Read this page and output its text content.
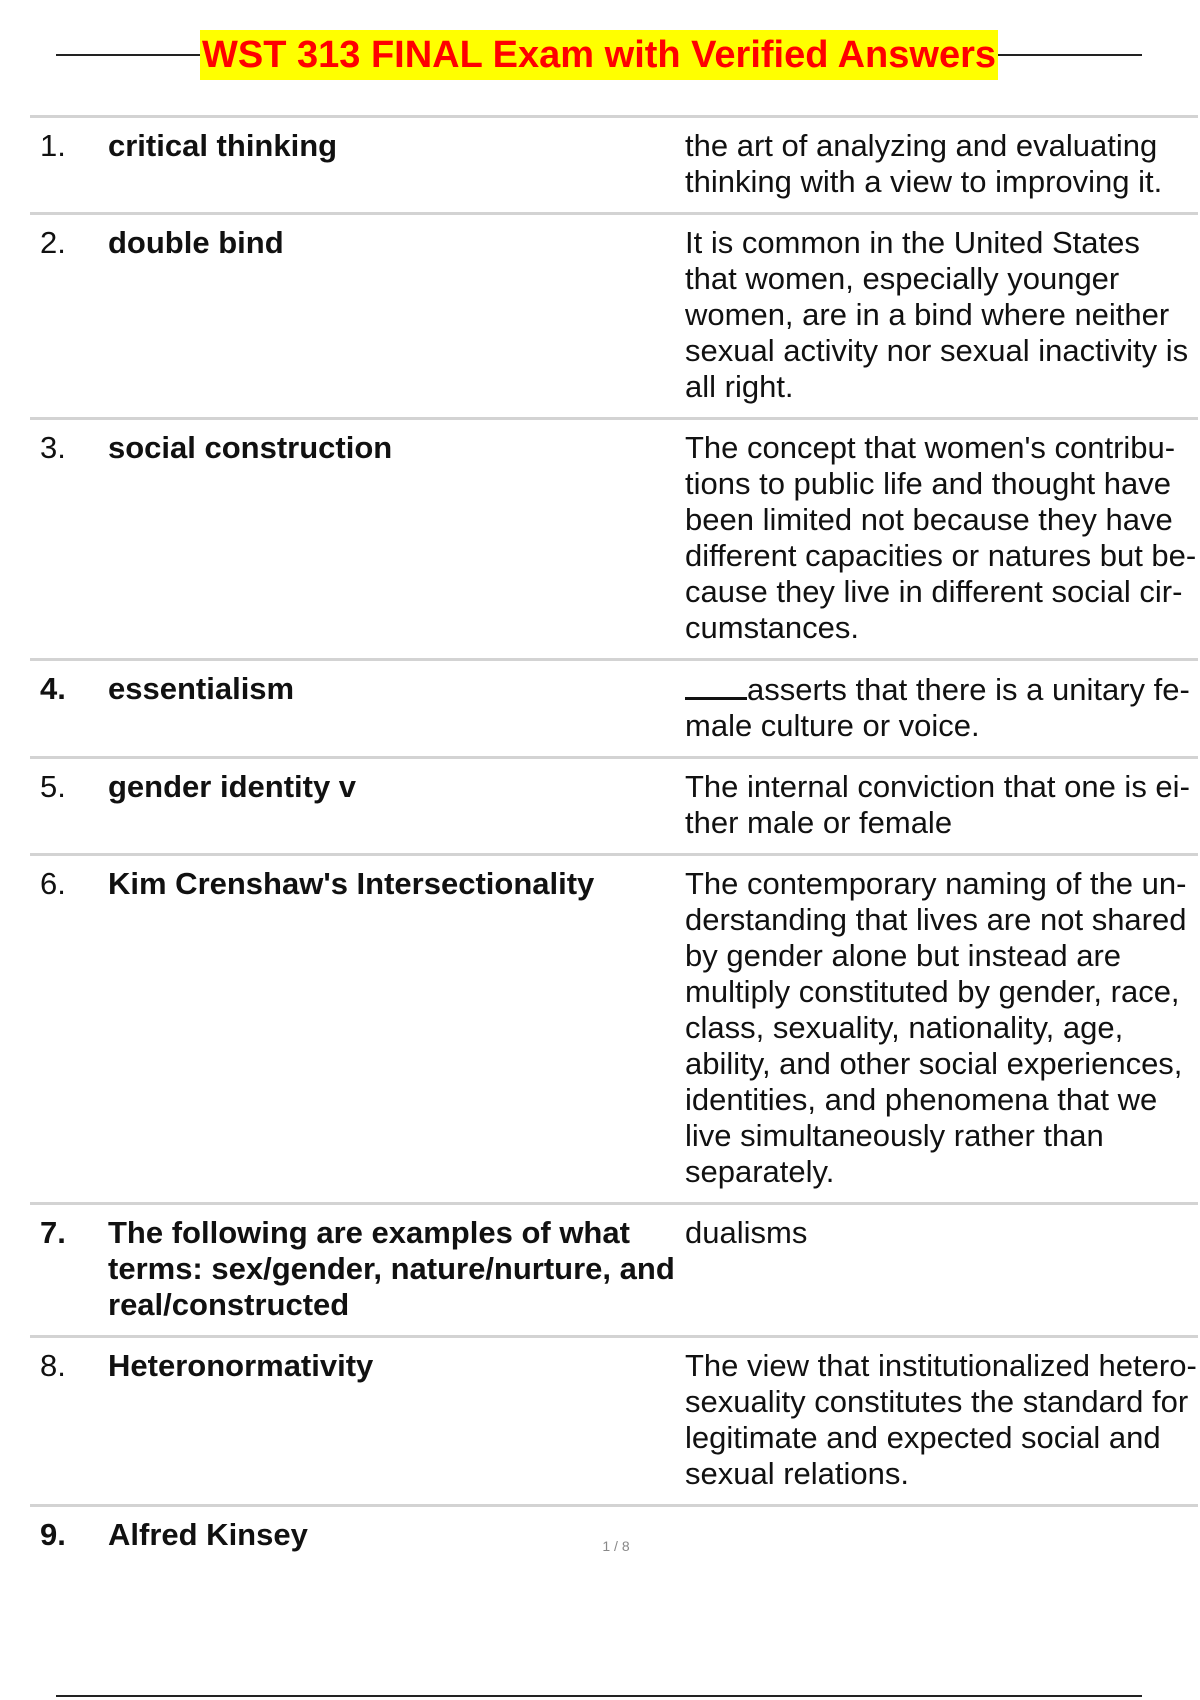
WST 313 FINAL Exam with Verified Answers
1.	critical thinking	the art of analyzing and evaluating thinking with a view to improving it.
2.	double bind	It is common in the United States that women, especially younger women, are in a bind where neither sexual activity nor sexual inactivity is all right.
3.	social construction	The concept that women's contributions to public life and thought have been limited not because they have different capacities or natures but because they live in different social circumstances.
4.	essentialism	asserts that there is a unitary female culture or voice.
5.	gender identity v	The internal conviction that one is either male or female
6.	Kim Crenshaw's Intersectionality	The contemporary naming of the understanding that lives are not shared by gender alone but instead are multiply constituted by gender, race, class, sexuality, nationality, age, ability, and other social experiences, identities, and phenomena that we live simultaneously rather than separately.
7.	The following are examples of what terms: sex/gender, nature/nurture, and real/constructed	dualisms
8.	Heteronormativity	The view that institutionalized heterosexuality constitutes the standard for legitimate and expected social and sexual relations.
9.	Alfred Kinsey		1 / 8
